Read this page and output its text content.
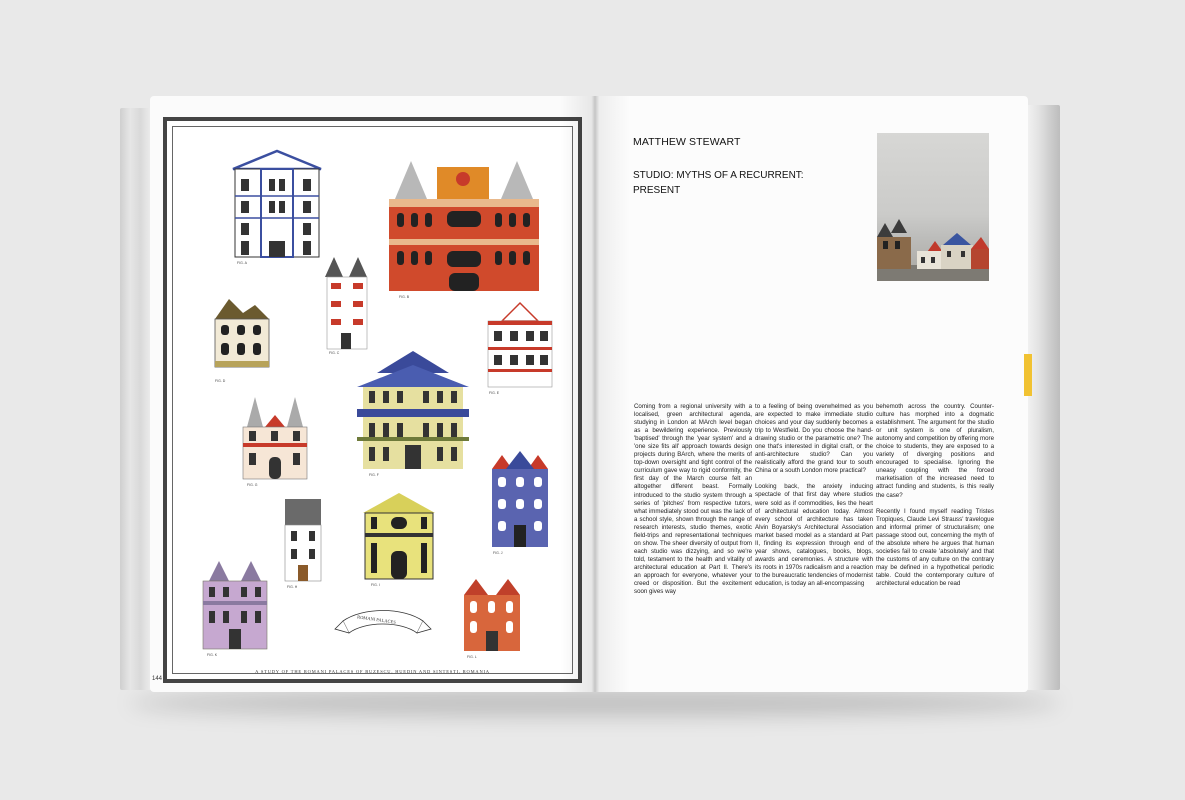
FIG. A
FIG. B
FIG. C
FIG. D
FIG. E
FIG. F
FIG. G
FIG. H	FIG. I
FIG. J
FIG. K	FIG. L
ROMANI PALACES
A STUDY OF THE ROMANI PALACES OF BUZESCU, HUEDIN AND SINTESTI, ROMANIA
144
MATTHEW STEWART
STUDIO: MYTHS OF A RECURRENT:
PRESENT

Coming from a regional university with a localised, green architectural agenda, studying in London at MArch level began as a bewildering experience. Previously 'baptised' through the 'year system' and a 'one size fits all' approach towards design projects during BArch, where the merits of top-down oversight and tight control of the curriculum gave way to rigid conformity, the first day of the March course felt an altogether different beast. Formally introduced to the studio system through a series of 'pitches' from respective tutors, what immediately stood out was the lack of a school style, shown through the range of research interests, studio themes, exotic field-trips and representational techniques on show. The sheer diversity of output from each studio was dizzying, and so we're told, testament to the health and vitality of architectural education at Part II. There's an approach for everyone, whatever your creed or disposition. But the excitement soon gives way

to a feeling of being overwhelmed as you are expected to make immediate studio choices and your day suddenly becomes a trip to Westfield. Do you choose the hand-drawing studio or the parametric one? The one that's interested in digital craft, or the anti-architecture studio? Can you realistically afford the grand tour to south China or a south London more practical?

Looking back, the anxiety inducing spectacle of that first day where studios were sold as if commodities, lies the heart of architectural education today. Almost every school of architecture has taken Alvin Boyarsky's Architectural Association market based model as a standard at Part II, finding its expression through end of year shows, catalogues, books, blogs, awards and ceremonies. A structure with its roots in 1970s radicalism and a reaction to the bureaucratic tendencies of modernist education, is today an all-encompassing

behemoth across the country. Counter-culture has morphed into a dogmatic establishment. The argument for the studio or unit system is one of pluralism, autonomy and competition by offering more choice to students, they are exposed to a variety of diverging positions and encouraged to specialise. Ignoring the uneasy coupling with the forced marketisation of the increased need to attract funding and students, is this really the case?

Recently I found myself reading Tristes Tropiques, Claude Levi Strauss' travelogue and informal primer of structuralism; one passage stood out, concerning the myth of the absolute where he argues that human societies fail to create 'absolutely' and that the customs of any culture on the contrary may be defined in a hypothetical periodic table. Could the contemporary culture of architectural education be read
